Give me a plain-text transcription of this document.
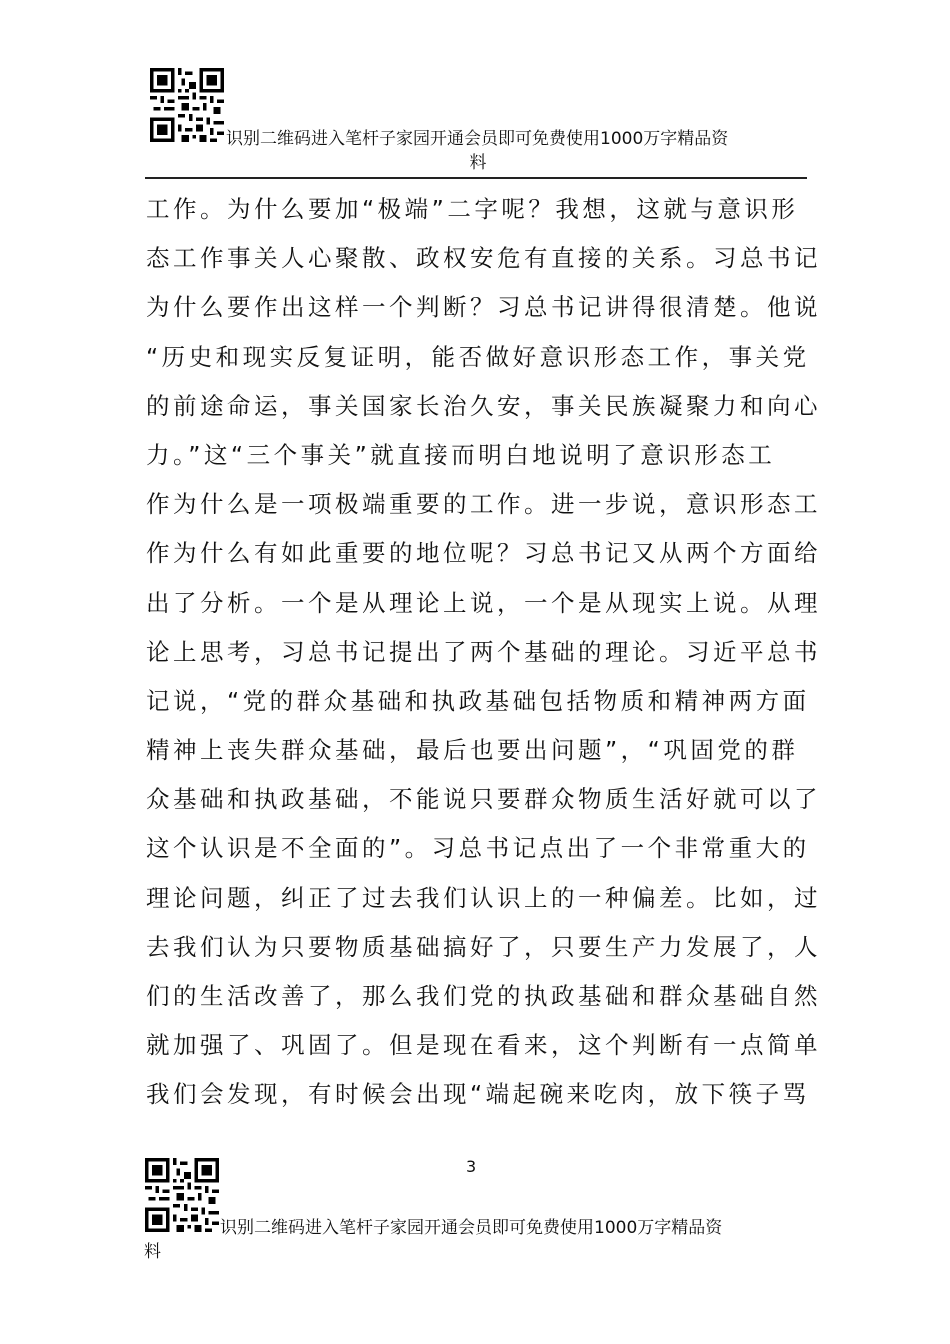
识别二维码进入笔杆子家园开通会员即可免费使用1000万字精品资
料
工作。为什么要加“极端”二字呢？我想，这就与意识形
态工作事关人心聚散、政权安危有直接的关系。习总书记
为什么要作出这样一个判断？习总书记讲得很清楚。他说
“历史和现实反复证明，能否做好意识形态工作，事关党
的前途命运，事关国家长治久安，事关民族凝聚力和向心
力。”这“三个事关”就直接而明白地说明了意识形态工
作为什么是一项极端重要的工作。进一步说，意识形态工
作为什么有如此重要的地位呢？习总书记又从两个方面给
出了分析。一个是从理论上说，一个是从现实上说。从理
论上思考，习总书记提出了两个基础的理论。习近平总书
记说，“党的群众基础和执政基础包括物质和精神两方面
精神上丧失群众基础，最后也要出问题”，“巩固党的群
众基础和执政基础，不能说只要群众物质生活好就可以了
这个认识是不全面的”。习总书记点出了一个非常重大的
理论问题，纠正了过去我们认识上的一种偏差。比如，过
去我们认为只要物质基础搞好了，只要生产力发展了，人
们的生活改善了，那么我们党的执政基础和群众基础自然
就加强了、巩固了。但是现在看来，这个判断有一点简单
我们会发现，有时候会出现“端起碗来吃肉，放下筷子骂
3
识别二维码进入笔杆子家园开通会员即可免费使用1000万字精品资
料
